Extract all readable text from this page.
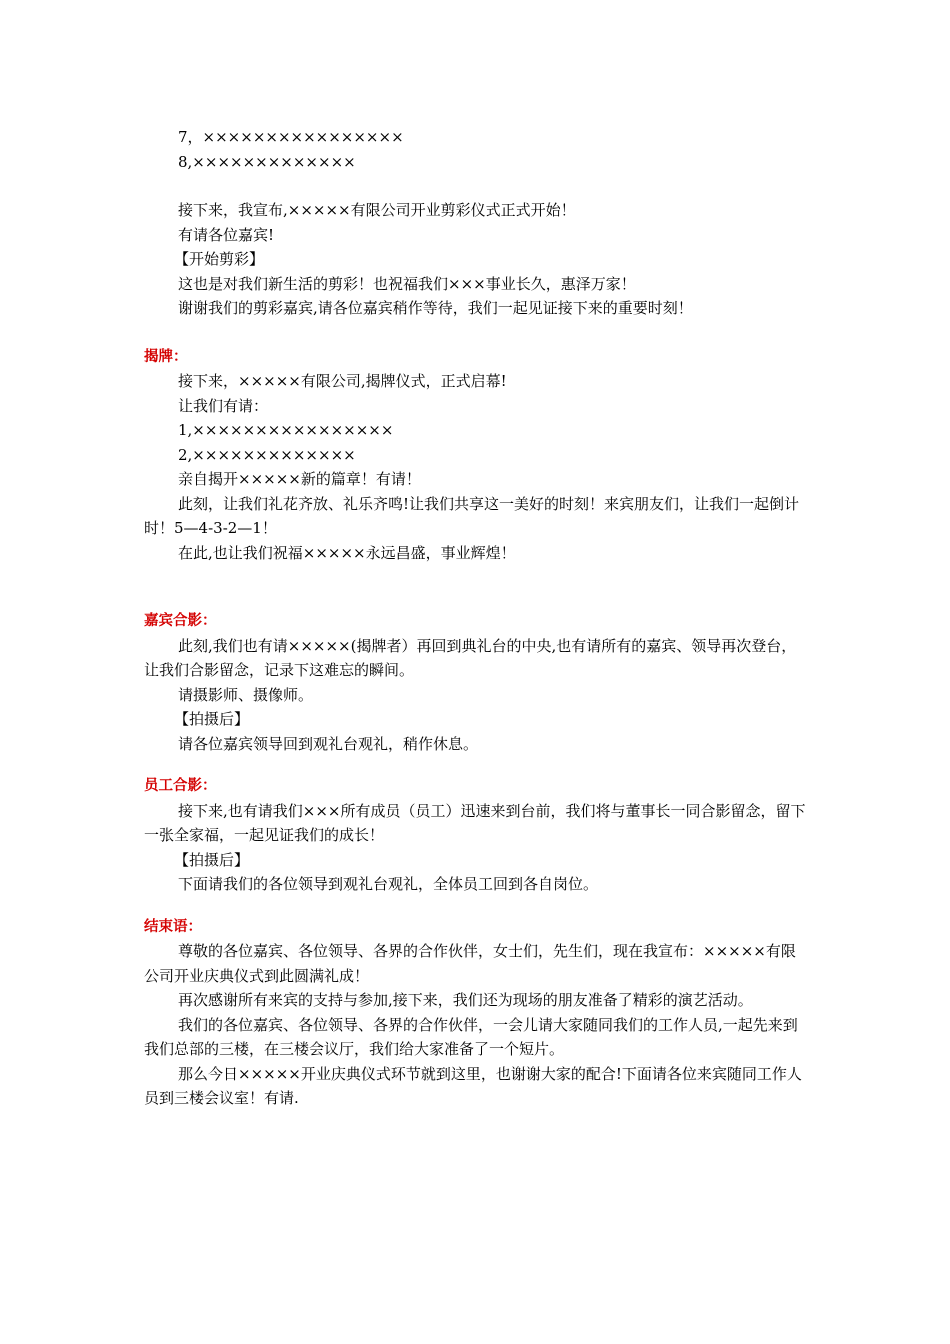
7，××××××××××××××××

8,×××××××××××××

接下来，我宣布,×××××有限公司开业剪彩仪式正式开始！

有请各位嘉宾!

【开始剪彩】

这也是对我们新生活的剪彩！也祝福我们×××事业长久，惠泽万家！

谢谢我们的剪彩嘉宾,请各位嘉宾稍作等待，我们一起见证接下来的重要时刻！

揭牌：

接下来，×××××有限公司,揭牌仪式，正式启幕!

让我们有请：

1,××××××××××××××××

2,×××××××××××××

亲自揭开×××××新的篇章！有请！

此刻，让我们礼花齐放、礼乐齐鸣!让我们共享这一美好的时刻！来宾朋友们，让我们一起倒计时！5—4-3-2—1！

在此,也让我们祝福×××××永远昌盛，事业辉煌！

嘉宾合影：

此刻,我们也有请×××××(揭牌者）再回到典礼台的中央,也有请所有的嘉宾、领导再次登台，让我们合影留念，记录下这难忘的瞬间。

请摄影师、摄像师。

【拍摄后】

请各位嘉宾领导回到观礼台观礼，稍作休息。

员工合影：

接下来,也有请我们×××所有成员（员工）迅速来到台前，我们将与董事长一同合影留念，留下一张全家福，一起见证我们的成长！

【拍摄后】

下面请我们的各位领导到观礼台观礼，全体员工回到各自岗位。

结束语：

尊敬的各位嘉宾、各位领导、各界的合作伙伴，女士们，先生们，现在我宣布：×××××有限公司开业庆典仪式到此圆满礼成！

再次感谢所有来宾的支持与参加,接下来，我们还为现场的朋友准备了精彩的演艺活动。

我们的各位嘉宾、各位领导、各界的合作伙伴，一会儿请大家随同我们的工作人员,一起先来到我们总部的三楼，在三楼会议厅，我们给大家准备了一个短片。

那么今日×××××开业庆典仪式环节就到这里，也谢谢大家的配合!下面请各位来宾随同工作人员到三楼会议室！有请.
